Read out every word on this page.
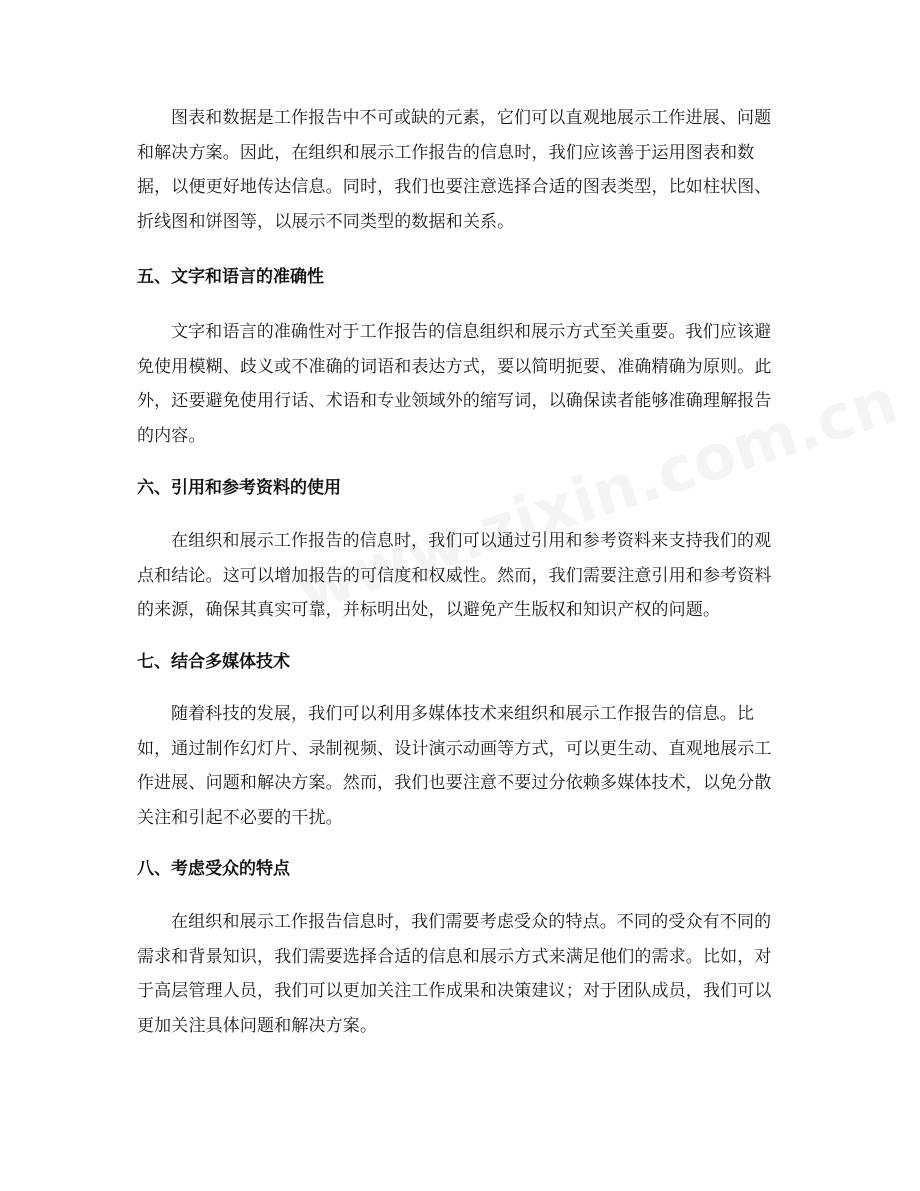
图表和数据是工作报告中不可或缺的元素，它们可以直观地展示工作进展、问题和解决方案。因此，在组织和展示工作报告的信息时，我们应该善于运用图表和数据，以便更好地传达信息。同时，我们也要注意选择合适的图表类型，比如柱状图、折线图和饼图等，以展示不同类型的数据和关系。

五、文字和语言的准确性

文字和语言的准确性对于工作报告的信息组织和展示方式至关重要。我们应该避免使用模糊、歧义或不准确的词语和表达方式，要以简明扼要、准确精确为原则。此外，还要避免使用行话、术语和专业领域外的缩写词，以确保读者能够准确理解报告的内容。

六、引用和参考资料的使用

在组织和展示工作报告的信息时，我们可以通过引用和参考资料来支持我们的观点和结论。这可以增加报告的可信度和权威性。然而，我们需要注意引用和参考资料的来源，确保其真实可靠，并标明出处，以避免产生版权和知识产权的问题。

七、结合多媒体技术

随着科技的发展，我们可以利用多媒体技术来组织和展示工作报告的信息。比如，通过制作幻灯片、录制视频、设计演示动画等方式，可以更生动、直观地展示工作进展、问题和解决方案。然而，我们也要注意不要过分依赖多媒体技术，以免分散关注和引起不必要的干扰。

八、考虑受众的特点

在组织和展示工作报告信息时，我们需要考虑受众的特点。不同的受众有不同的需求和背景知识，我们需要选择合适的信息和展示方式来满足他们的需求。比如，对于高层管理人员，我们可以更加关注工作成果和决策建议；对于团队成员，我们可以更加关注具体问题和解决方案。
